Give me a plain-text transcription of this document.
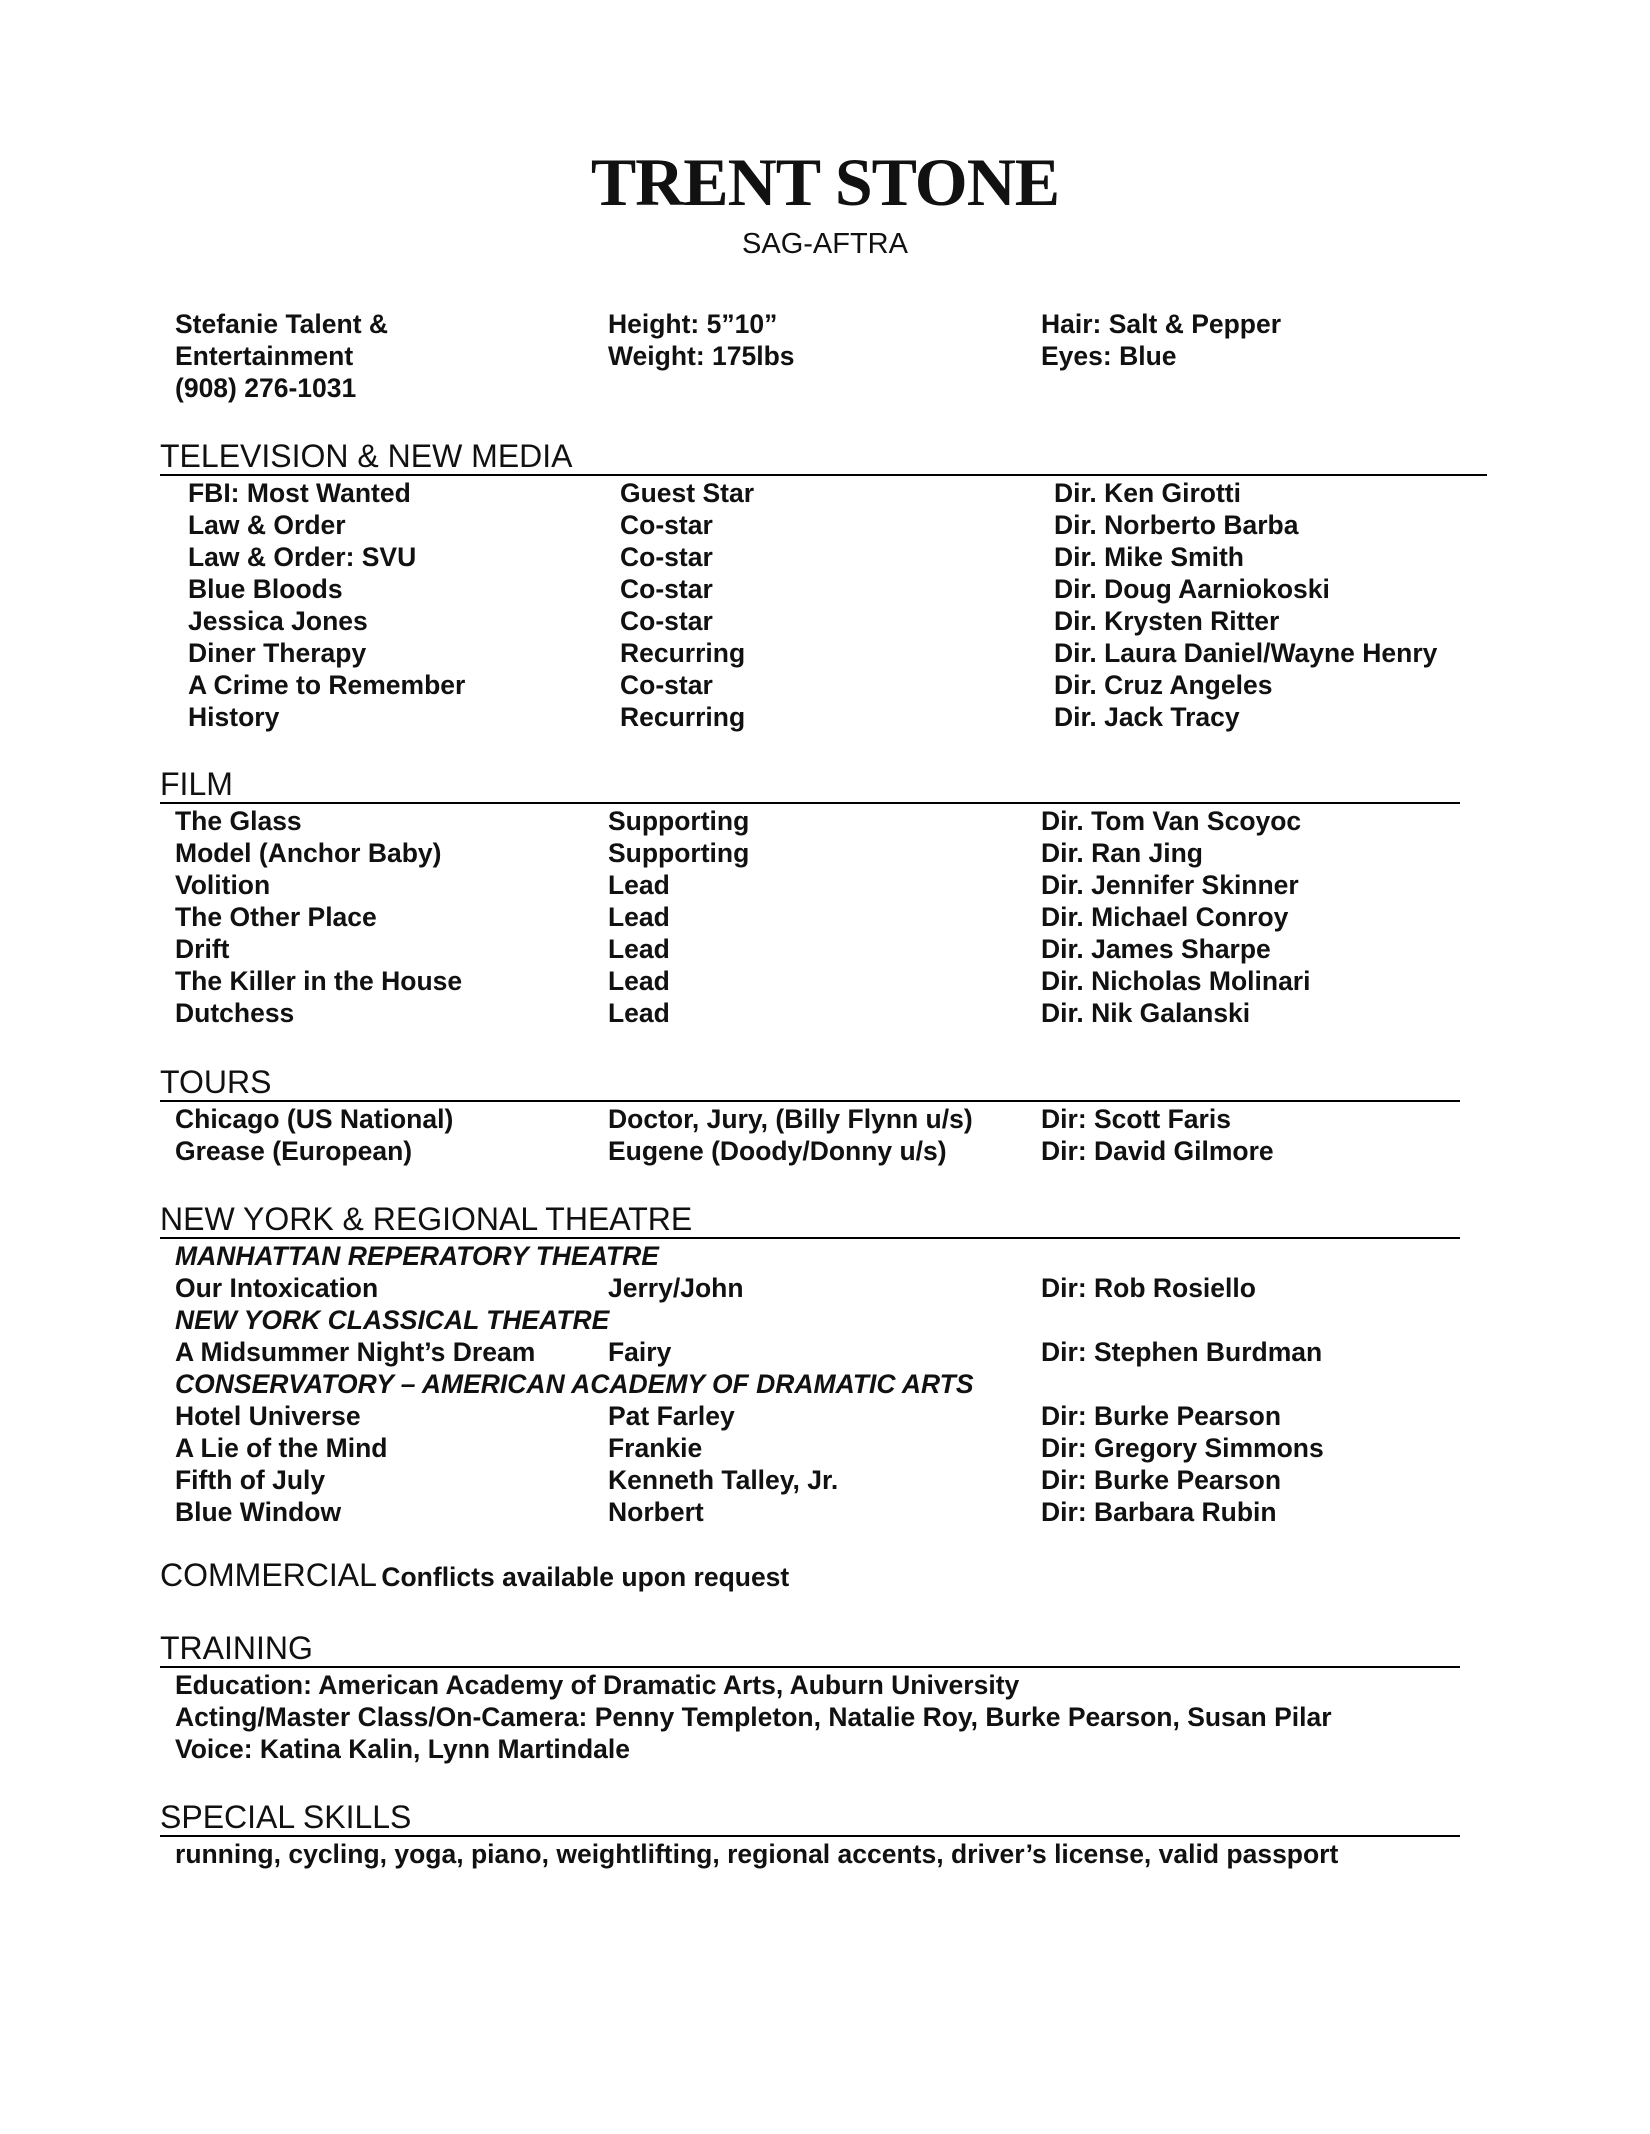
TRENT STONE
SAG-AFTRA
Stefanie Talent &
Entertainment
(908) 276-1031
Height: 5”10”
Weight: 175lbs
Hair: Salt & Pepper
Eyes: Blue
TELEVISION & NEW MEDIA
FBI: Most Wanted	Guest Star	Dir. Ken Girotti
Law & Order	Co-star	Dir. Norberto Barba
Law & Order: SVU	Co-star	Dir. Mike Smith
Blue Bloods	Co-star	Dir. Doug Aarniokoski
Jessica Jones	Co-star	Dir. Krysten Ritter
Diner Therapy	Recurring	Dir. Laura Daniel/Wayne Henry
A Crime to Remember	Co-star	Dir. Cruz Angeles
History	Recurring	Dir. Jack Tracy
FILM
The Glass	Supporting	Dir. Tom Van Scoyoc
Model (Anchor Baby)	Supporting	Dir. Ran Jing
Volition	Lead	Dir. Jennifer Skinner
The Other Place	Lead	Dir. Michael Conroy
Drift	Lead	Dir. James Sharpe
The Killer in the House	Lead	Dir. Nicholas Molinari
Dutchess	Lead	Dir. Nik Galanski
TOURS
Chicago (US National)	Doctor, Jury, (Billy Flynn u/s)	Dir: Scott Faris
Grease (European)	Eugene (Doody/Donny u/s)	Dir: David Gilmore
NEW YORK & REGIONAL THEATRE
MANHATTAN REPERATORY THEATRE
Our Intoxication	Jerry/John	Dir: Rob Rosiello
NEW YORK CLASSICAL THEATRE
A Midsummer Night’s Dream	Fairy	Dir: Stephen Burdman
CONSERVATORY – AMERICAN ACADEMY OF DRAMATIC ARTS
Hotel Universe	Pat Farley	Dir: Burke Pearson
A Lie of the Mind	Frankie	Dir: Gregory Simmons
Fifth of July	Kenneth Talley, Jr.	Dir: Burke Pearson
Blue Window	Norbert	Dir: Barbara Rubin
COMMERCIAL Conflicts available upon request
TRAINING
Education: American Academy of Dramatic Arts, Auburn University
Acting/Master Class/On-Camera: Penny Templeton, Natalie Roy, Burke Pearson, Susan Pilar
Voice: Katina Kalin, Lynn Martindale
SPECIAL SKILLS
running, cycling, yoga, piano, weightlifting, regional accents, driver’s license, valid passport
